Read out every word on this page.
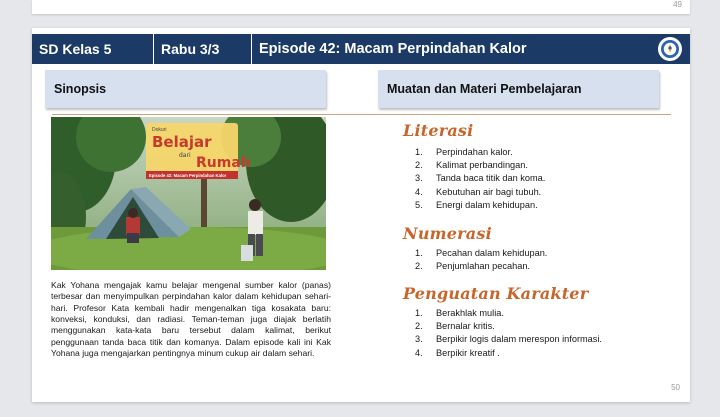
49
SD Kelas 5	Rabu 3/3	Episode 42: Macam Perpindahan Kalor
Sinopsis	Muatan dan Materi Pembelajaran
Dokuri
Belajar
dari Rumah
Episode 42: Macam Perpindahan Kalor
Kak Yohana mengajak kamu belajar mengenal sumber kalor (panas) terbesar dan menyimpulkan perpindahan kalor dalam kehidupan sehari-hari. Profesor Kata kembali hadir mengenalkan tiga kosakata baru: konveksi, konduksi, dan radiasi. Teman-teman juga diajak berlatih menggunakan kata-kata baru tersebut dalam kalimat, berikut penggunaan tanda baca titik dan komanya. Dalam episode kali ini Kak Yohana juga mengajarkan pentingnya minum cukup air dalam sehari.
Literasi
1.	Perpindahan kalor.
2.	Kalimat perbandingan.
3.	Tanda baca titik dan koma.
4.	Kebutuhan air bagi tubuh.
5.	Energi dalam kehidupan.
Numerasi
1.	Pecahan dalam kehidupan.
2.	Penjumlahan pecahan.
Penguatan Karakter
1.	Berakhlak mulia.
2.	Bernalar kritis.
3.	Berpikir logis dalam merespon informasi.
4.	Berpikir kreatif .
50
